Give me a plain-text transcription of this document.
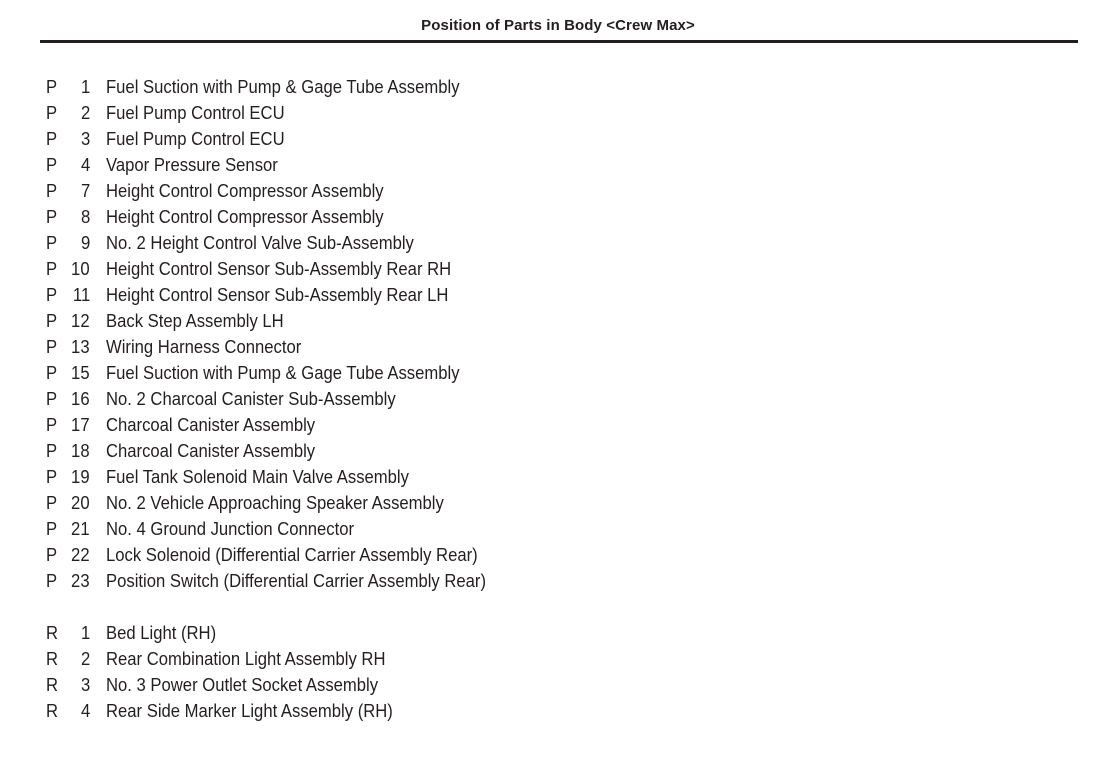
Position of Parts in Body <Crew Max>
P	1 Fuel Suction with Pump & Gage Tube Assembly
P	2 Fuel Pump Control ECU
P	3 Fuel Pump Control ECU
P	4 Vapor Pressure Sensor
P	7 Height Control Compressor Assembly
P	8 Height Control Compressor Assembly
P	9 No. 2 Height Control Valve Sub-Assembly
P 10 Height Control Sensor Sub-Assembly Rear RH
P 11 Height Control Sensor Sub-Assembly Rear LH
P 12 Back Step Assembly LH
P 13 Wiring Harness Connector
P 15 Fuel Suction with Pump & Gage Tube Assembly
P 16 No. 2 Charcoal Canister Sub-Assembly
P 17 Charcoal Canister Assembly
P 18 Charcoal Canister Assembly
P 19 Fuel Tank Solenoid Main Valve Assembly
P 20 No. 2 Vehicle Approaching Speaker Assembly
P 21 No. 4 Ground Junction Connector
P 22 Lock Solenoid (Differential Carrier Assembly Rear)
P 23 Position Switch (Differential Carrier Assembly Rear)
R	1 Bed Light (RH)
R	2 Rear Combination Light Assembly RH
R	3 No. 3 Power Outlet Socket Assembly
R	4 Rear Side Marker Light Assembly (RH)
